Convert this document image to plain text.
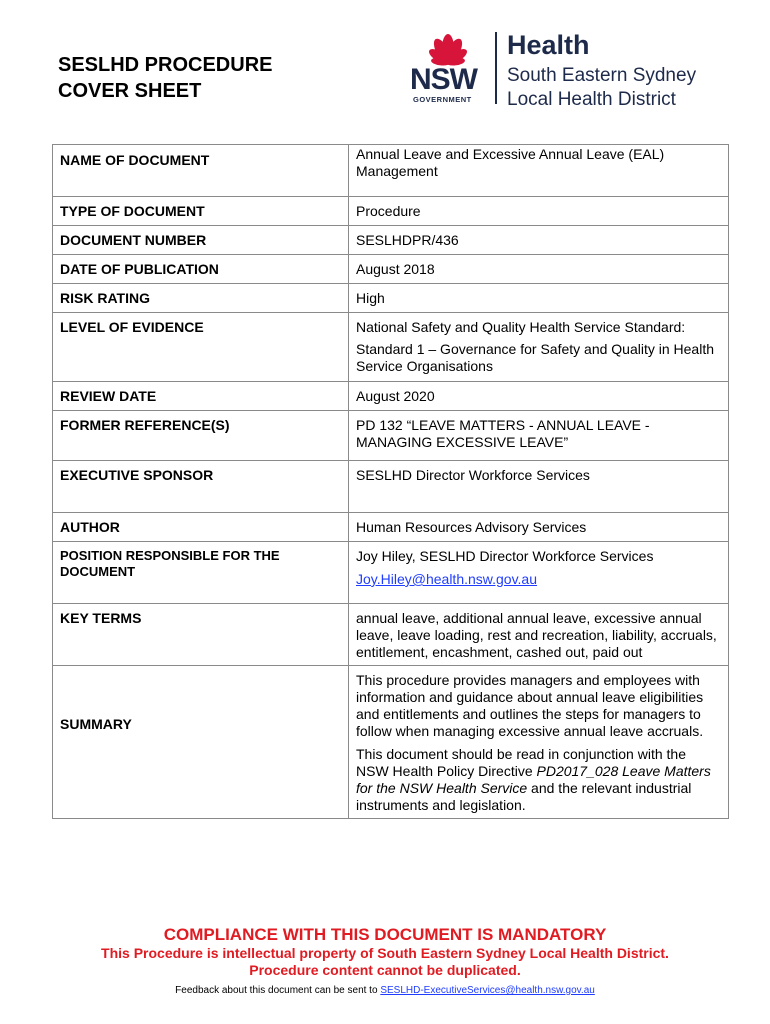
SESLHD PROCEDURE
COVER SHEET	NSW
GOVERNMENT
Health
South Eastern Sydney
Local Health District
NAME OF DOCUMENT	Annual Leave and Excessive Annual Leave (EAL) Management
TYPE OF DOCUMENT	Procedure
DOCUMENT NUMBER	SESLHDPR/436
DATE OF PUBLICATION	August 2018
RISK RATING	High
LEVEL OF EVIDENCE	National Safety and Quality Health Service Standard:

Standard 1 – Governance for Safety and Quality in Health Service Organisations

REVIEW DATE	August 2020
FORMER REFERENCE(S)	PD 132 “LEAVE MATTERS - ANNUAL LEAVE - MANAGING EXCESSIVE LEAVE”
EXECUTIVE SPONSOR	SESLHD Director Workforce Services
AUTHOR	Human Resources Advisory Services
POSITION RESPONSIBLE FOR THE DOCUMENT	Joy Hiley, SESLHD Director Workforce Services

Joy.Hiley@health.nsw.gov.au

KEY TERMS	annual leave, additional annual leave, excessive annual leave, leave loading, rest and recreation, liability, accruals, entitlement, encashment, cashed out, paid out
SUMMARY	This procedure provides managers and employees with information and guidance about annual leave eligibilities and entitlements and outlines the steps for managers to follow when managing excessive annual leave accruals.

This document should be read in conjunction with the NSW Health Policy Directive PD2017_028 Leave Matters for the NSW Health Service and the relevant industrial instruments and legislation.

COMPLIANCE WITH THIS DOCUMENT IS MANDATORY
This Procedure is intellectual property of South Eastern Sydney Local Health District.
Procedure content cannot be duplicated.
Feedback about this document can be sent to SESLHD-ExecutiveServices@health.nsw.gov.au
